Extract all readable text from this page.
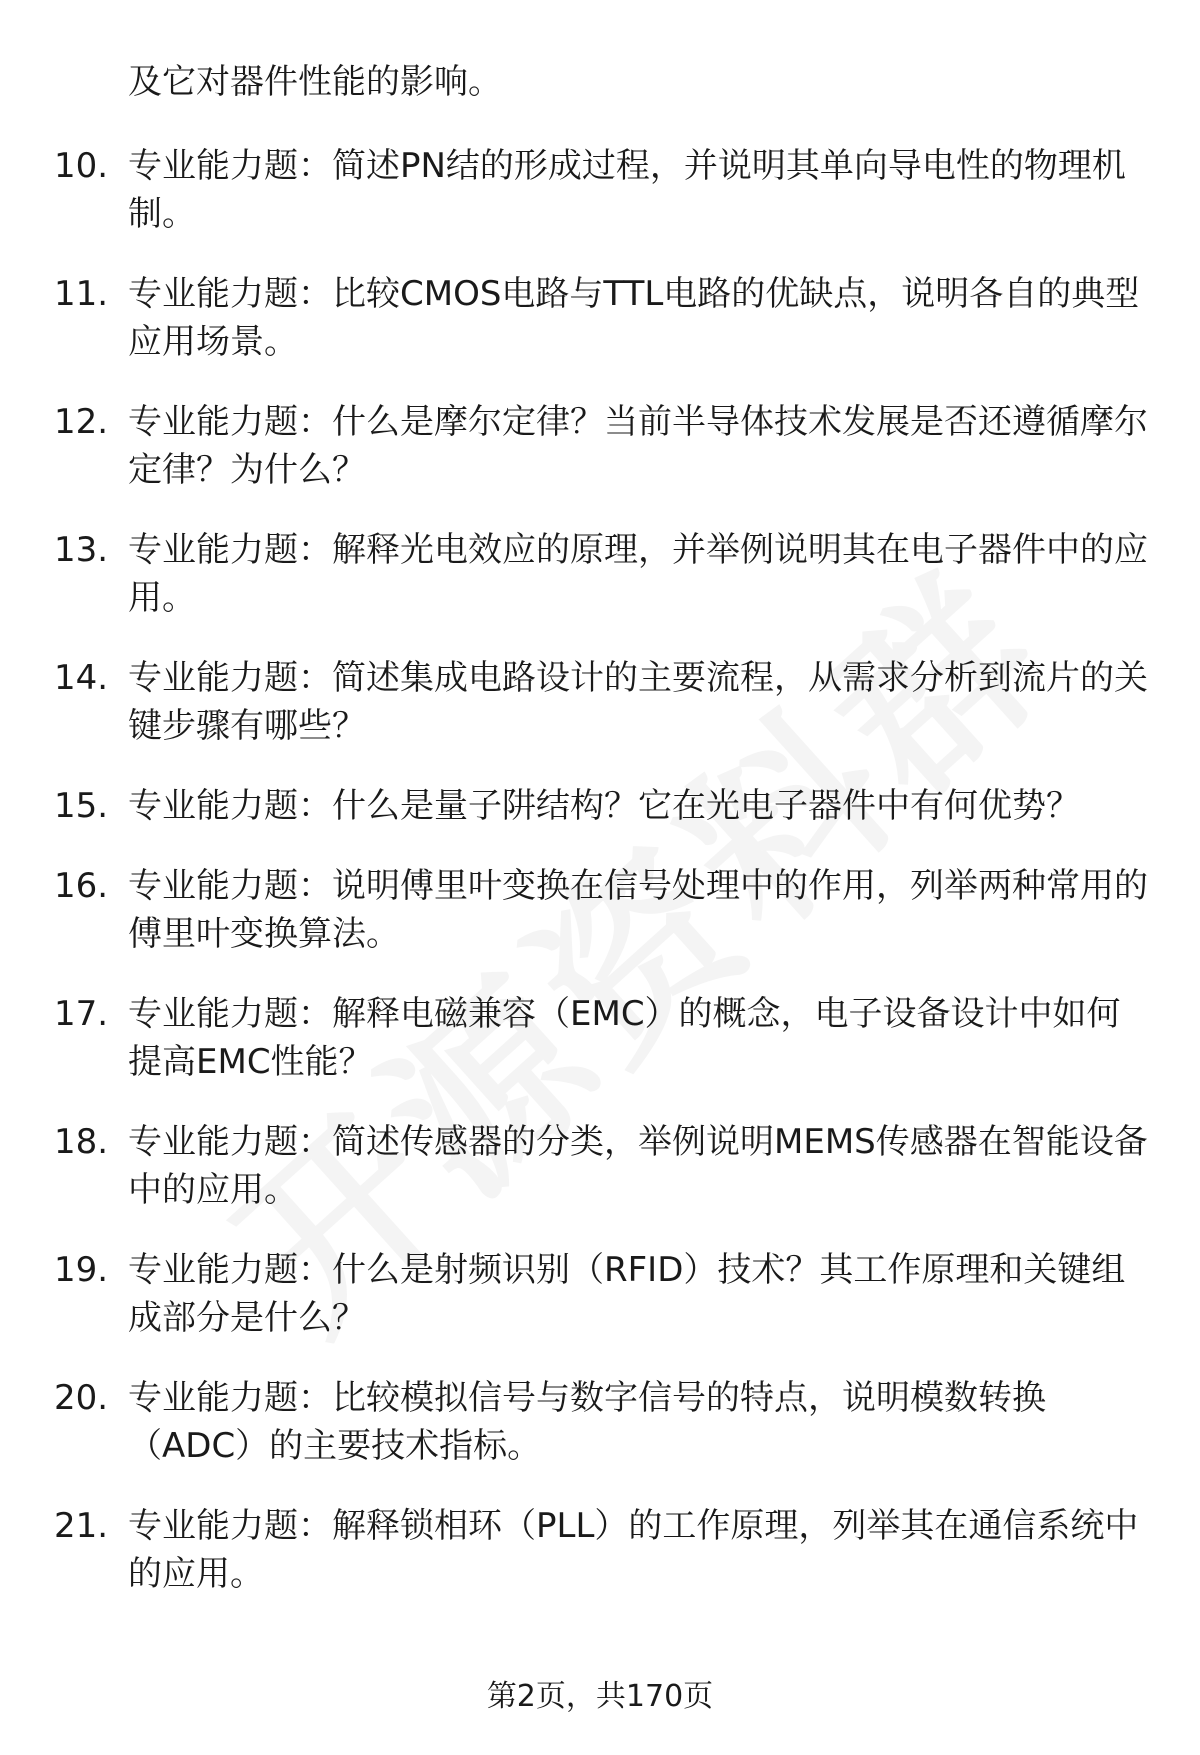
及它对器件性能的影响。
10. 专业能力题：简述PN结的形成过程，并说明其单向导电性的物理机制。
11. 专业能力题：比较CMOS电路与TTL电路的优缺点，说明各自的典型应用场景。
12. 专业能力题：什么是摩尔定律？当前半导体技术发展是否还遵循摩尔定律？为什么？
13. 专业能力题：解释光电效应的原理，并举例说明其在电子器件中的应用。
14. 专业能力题：简述集成电路设计的主要流程，从需求分析到流片的关键步骤有哪些？
15. 专业能力题：什么是量子阱结构？它在光电子器件中有何优势？
16. 专业能力题：说明傅里叶变换在信号处理中的作用，列举两种常用的傅里叶变换算法。
17. 专业能力题：解释电磁兼容（EMC）的概念，电子设备设计中如何提高EMC性能？
18. 专业能力题：简述传感器的分类，举例说明MEMS传感器在智能设备中的应用。
19. 专业能力题：什么是射频识别（RFID）技术？其工作原理和关键组成部分是什么？
20. 专业能力题：比较模拟信号与数字信号的特点，说明模数转换（ADC）的主要技术指标。
21. 专业能力题：解释锁相环（PLL）的工作原理，列举其在通信系统中的应用。
第2页，共170页
